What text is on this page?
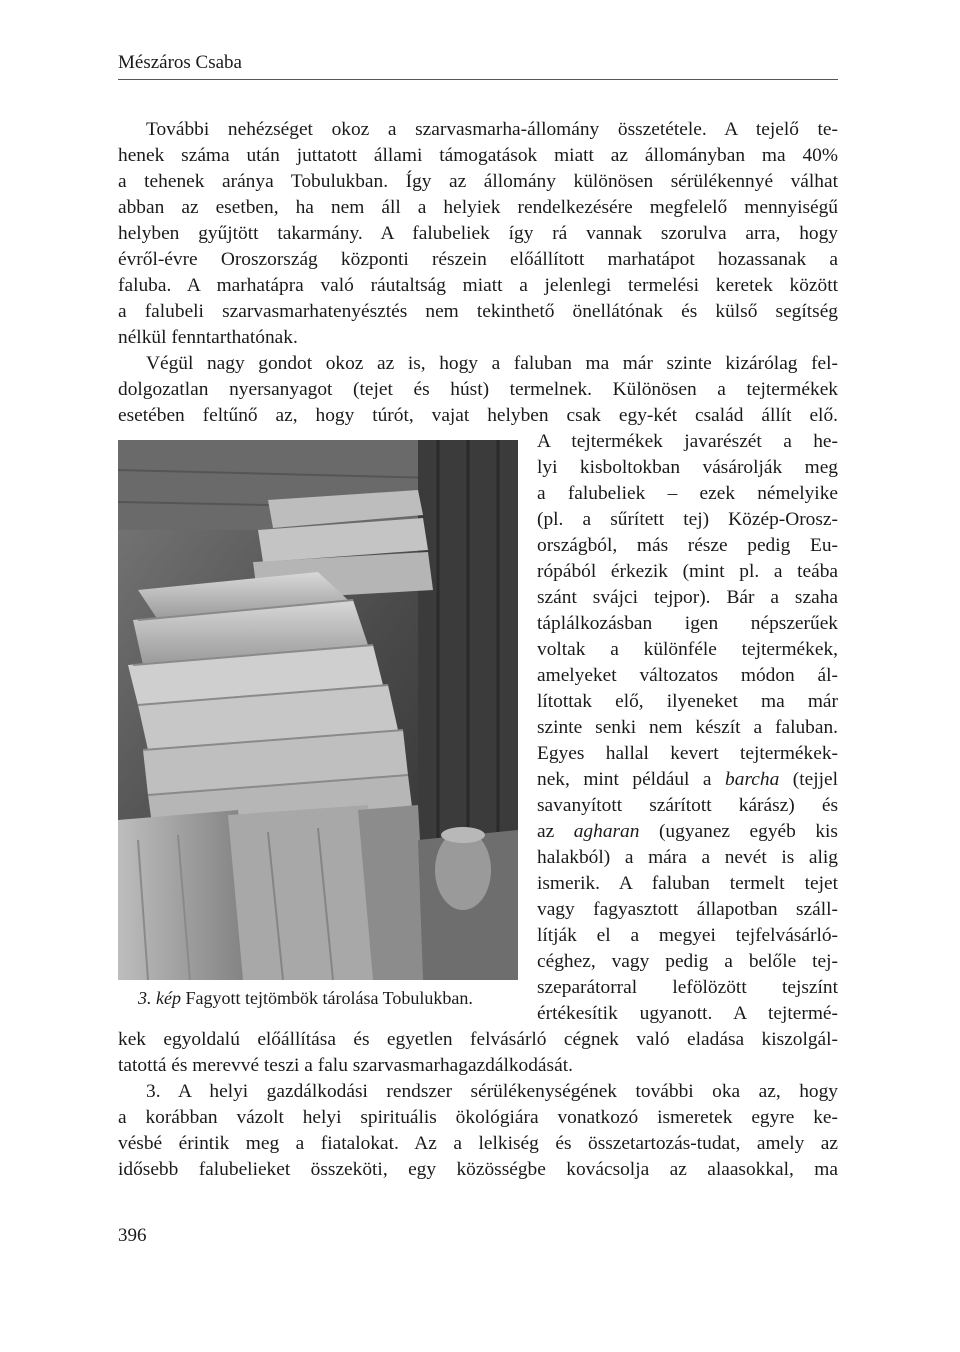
Mészáros Csaba
További nehézséget okoz a szarvasmarha-állomány összetétele. A tejelő te-
henek száma után juttatott állami támogatások miatt az állományban ma 40%
a tehenek aránya Tobulukban. Így az állomány különösen sérülékennyé válhat
abban az esetben, ha nem áll a helyiek rendelkezésére megfelelő mennyiségű
helyben gyűjtött takarmány. A falubeliek így rá vannak szorulva arra, hogy
évről-évre Oroszország központi részein előállított marhatápot hozassanak a
faluba. A marhatápra való ráutaltság miatt a jelenlegi termelési keretek között
a falubeli szarvasmarhatenyésztés nem tekinthető önellátónak és külső segítség
nélkül fenntarthatónak.
Végül nagy gondot okoz az is, hogy a faluban ma már szinte kizárólag fel-
dolgozatlan nyersanyagot (tejet és húst) termelnek. Különösen a tejtermékek
esetében feltűnő az, hogy túrót, vajat helyben csak egy-két család állít elő.
A tejtermékek javarészét a he-
lyi kisboltokban vásárolják meg
a falubeliek – ezek némelyike
(pl. a sűrített tej) Közép-Orosz-
országból, más része pedig Eu-
rópából érkezik (mint pl. a teába
szánt svájci tejpor). Bár a szaha
táplálkozásban igen népszerűek
voltak a különféle tejtermékek,
amelyeket változatos módon ál-
lítottak elő, ilyeneket ma már
szinte senki nem készít a faluban.
Egyes hallal kevert tejtermékek-
nek, mint például a barcha (tejjel
savanyított szárított kárász) és
az agharan (ugyanez egyéb kis
halakból) a mára a nevét is alig
ismerik. A faluban termelt tejet
vagy fagyasztott állapotban száll-
lítják el a megyei tejfelvásárló-
céghez, vagy pedig a belőle tej-
szeparátorral lefölözött tejszínt
értékesítik ugyanott. A tejtermé-
3. kép Fagyott tejtömbök tárolása Tobulukban.
kek egyoldalú előállítása és egyetlen felvásárló cégnek való eladása kiszolgál-
tatottá és merevvé teszi a falu szarvasmarhagazdálkodását.
3. A helyi gazdálkodási rendszer sérülékenységének további oka az, hogy
a korábban vázolt helyi spirituális ökológiára vonatkozó ismeretek egyre ke-
vésbé érintik meg a fiatalokat. Az a lelkiség és összetartozás-tudat, amely az
idősebb falubelieket összeköti, egy közösségbe kovácsolja az alaasokkal, ma
396
